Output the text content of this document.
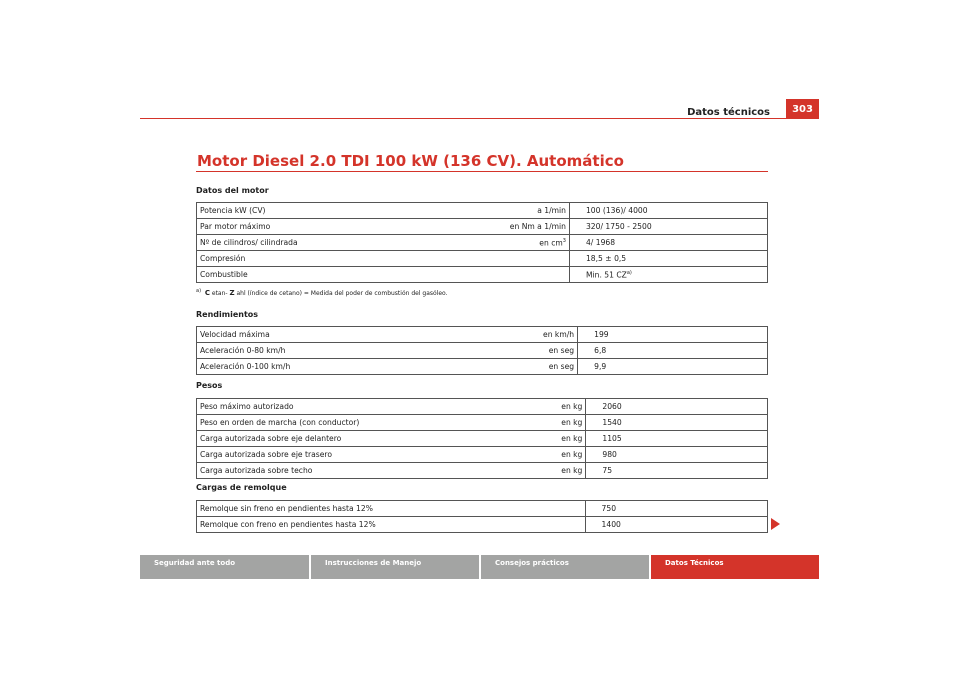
Datos técnicos	303
Motor Diesel 2.0 TDI 100 kW (136 CV). Automático
Datos del motor
Potencia kW (CV)	a 1/min	100 (136)/ 4000
Par motor máximo	en Nm a 1/min	320/ 1750 - 2500
Nº de cilindros/ cilindrada	en $cm^3$	4/ 1968
Compresión		18,5 ± 0,5
Combustible		Min. 51 CZ$^{a)}$
$^{a)}$ C etan- Z ahl (índice de cetano) = Medida del poder de combustión del gasóleo.
Rendimientos
Velocidad máxima	en km/h	199
Aceleración 0-80 km/h	en seg	6,8
Aceleración 0-100 km/h	en seg	9,9
Pesos
Peso máximo autorizado	en kg	2060
Peso en orden de marcha (con conductor)	en kg	1540
Carga autorizada sobre eje delantero	en kg	1105
Carga autorizada sobre eje trasero	en kg	980
Carga autorizada sobre techo	en kg	75
Cargas de remolque
Remolque sin freno en pendientes hasta 12%		750
Remolque con freno en pendientes hasta 12%		1400
Seguridad ante todo	Instrucciones de Manejo	Consejos prácticos	Datos Técnicos
